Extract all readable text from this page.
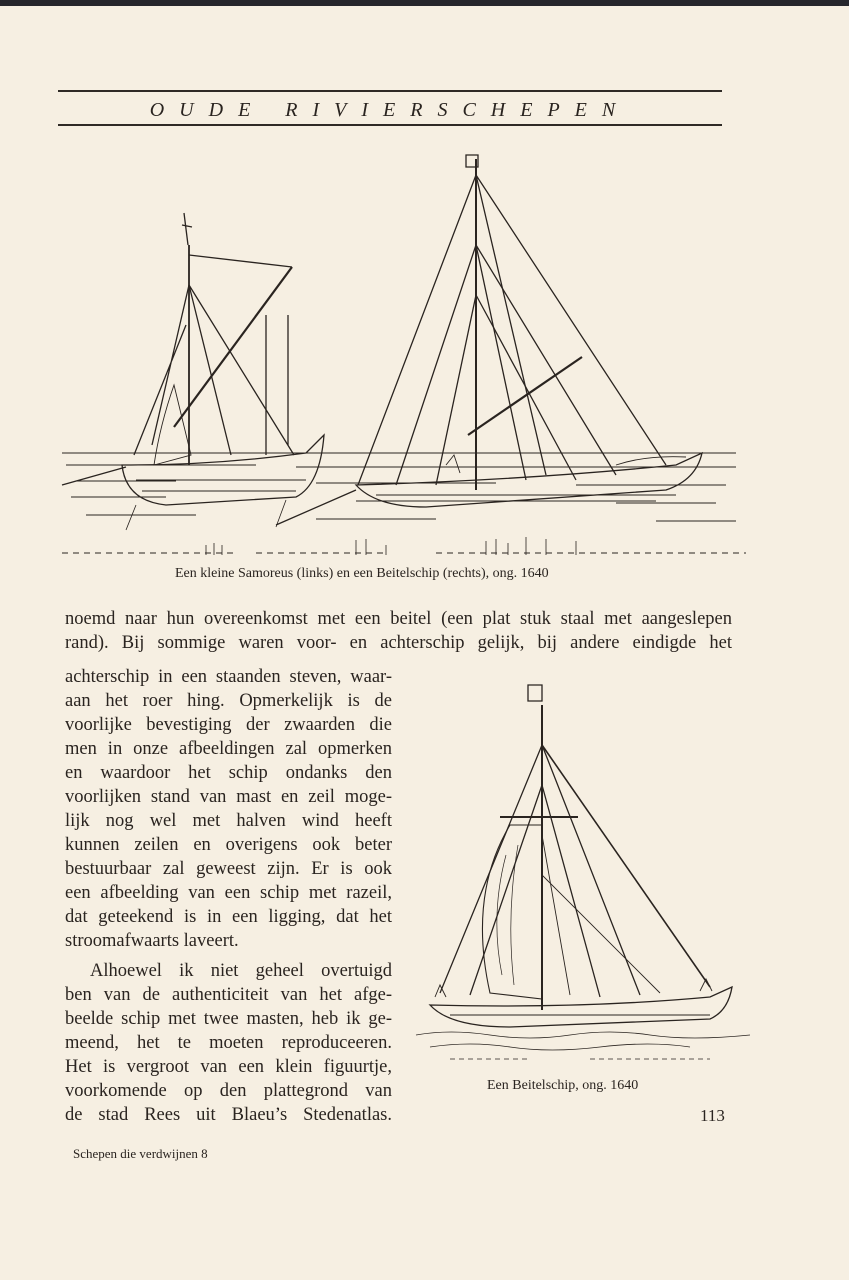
OUDE RIVIERSCHEPEN
Een kleine Samoreus (links) en een Beitelschip (rechts), ong. 1640
noemd naar hun overeenkomst met een beitel (een plat stuk staal met aangeslepen
rand). Bij sommige waren voor- en achterschip gelijk, bij andere eindigde het
achterschip in een staanden steven, waar-
aan het roer hing. Opmerkelijk is de
voorlijke bevestiging der zwaarden die
men in onze afbeeldingen zal opmerken
en waardoor het schip ondanks den
voorlijken stand van mast en zeil moge-
lijk nog wel met halven wind heeft
kunnen zeilen en overigens ook beter
bestuurbaar zal geweest zijn. Er is ook
een afbeelding van een schip met razeil,
dat geteekend is in een ligging, dat het
stroomafwaarts laveert.
Alhoewel ik niet geheel overtuigd
ben van de authenticiteit van het afge-
beelde schip met twee masten, heb ik ge-
meend, het te moeten reproduceeren.
Het is vergroot van een klein figuurtje,
voorkomende op den plattegrond van
de stad Rees uit Blaeu’s Stedenatlas.
Een Beitelschip, ong. 1640
113
Schepen die verdwijnen 8
